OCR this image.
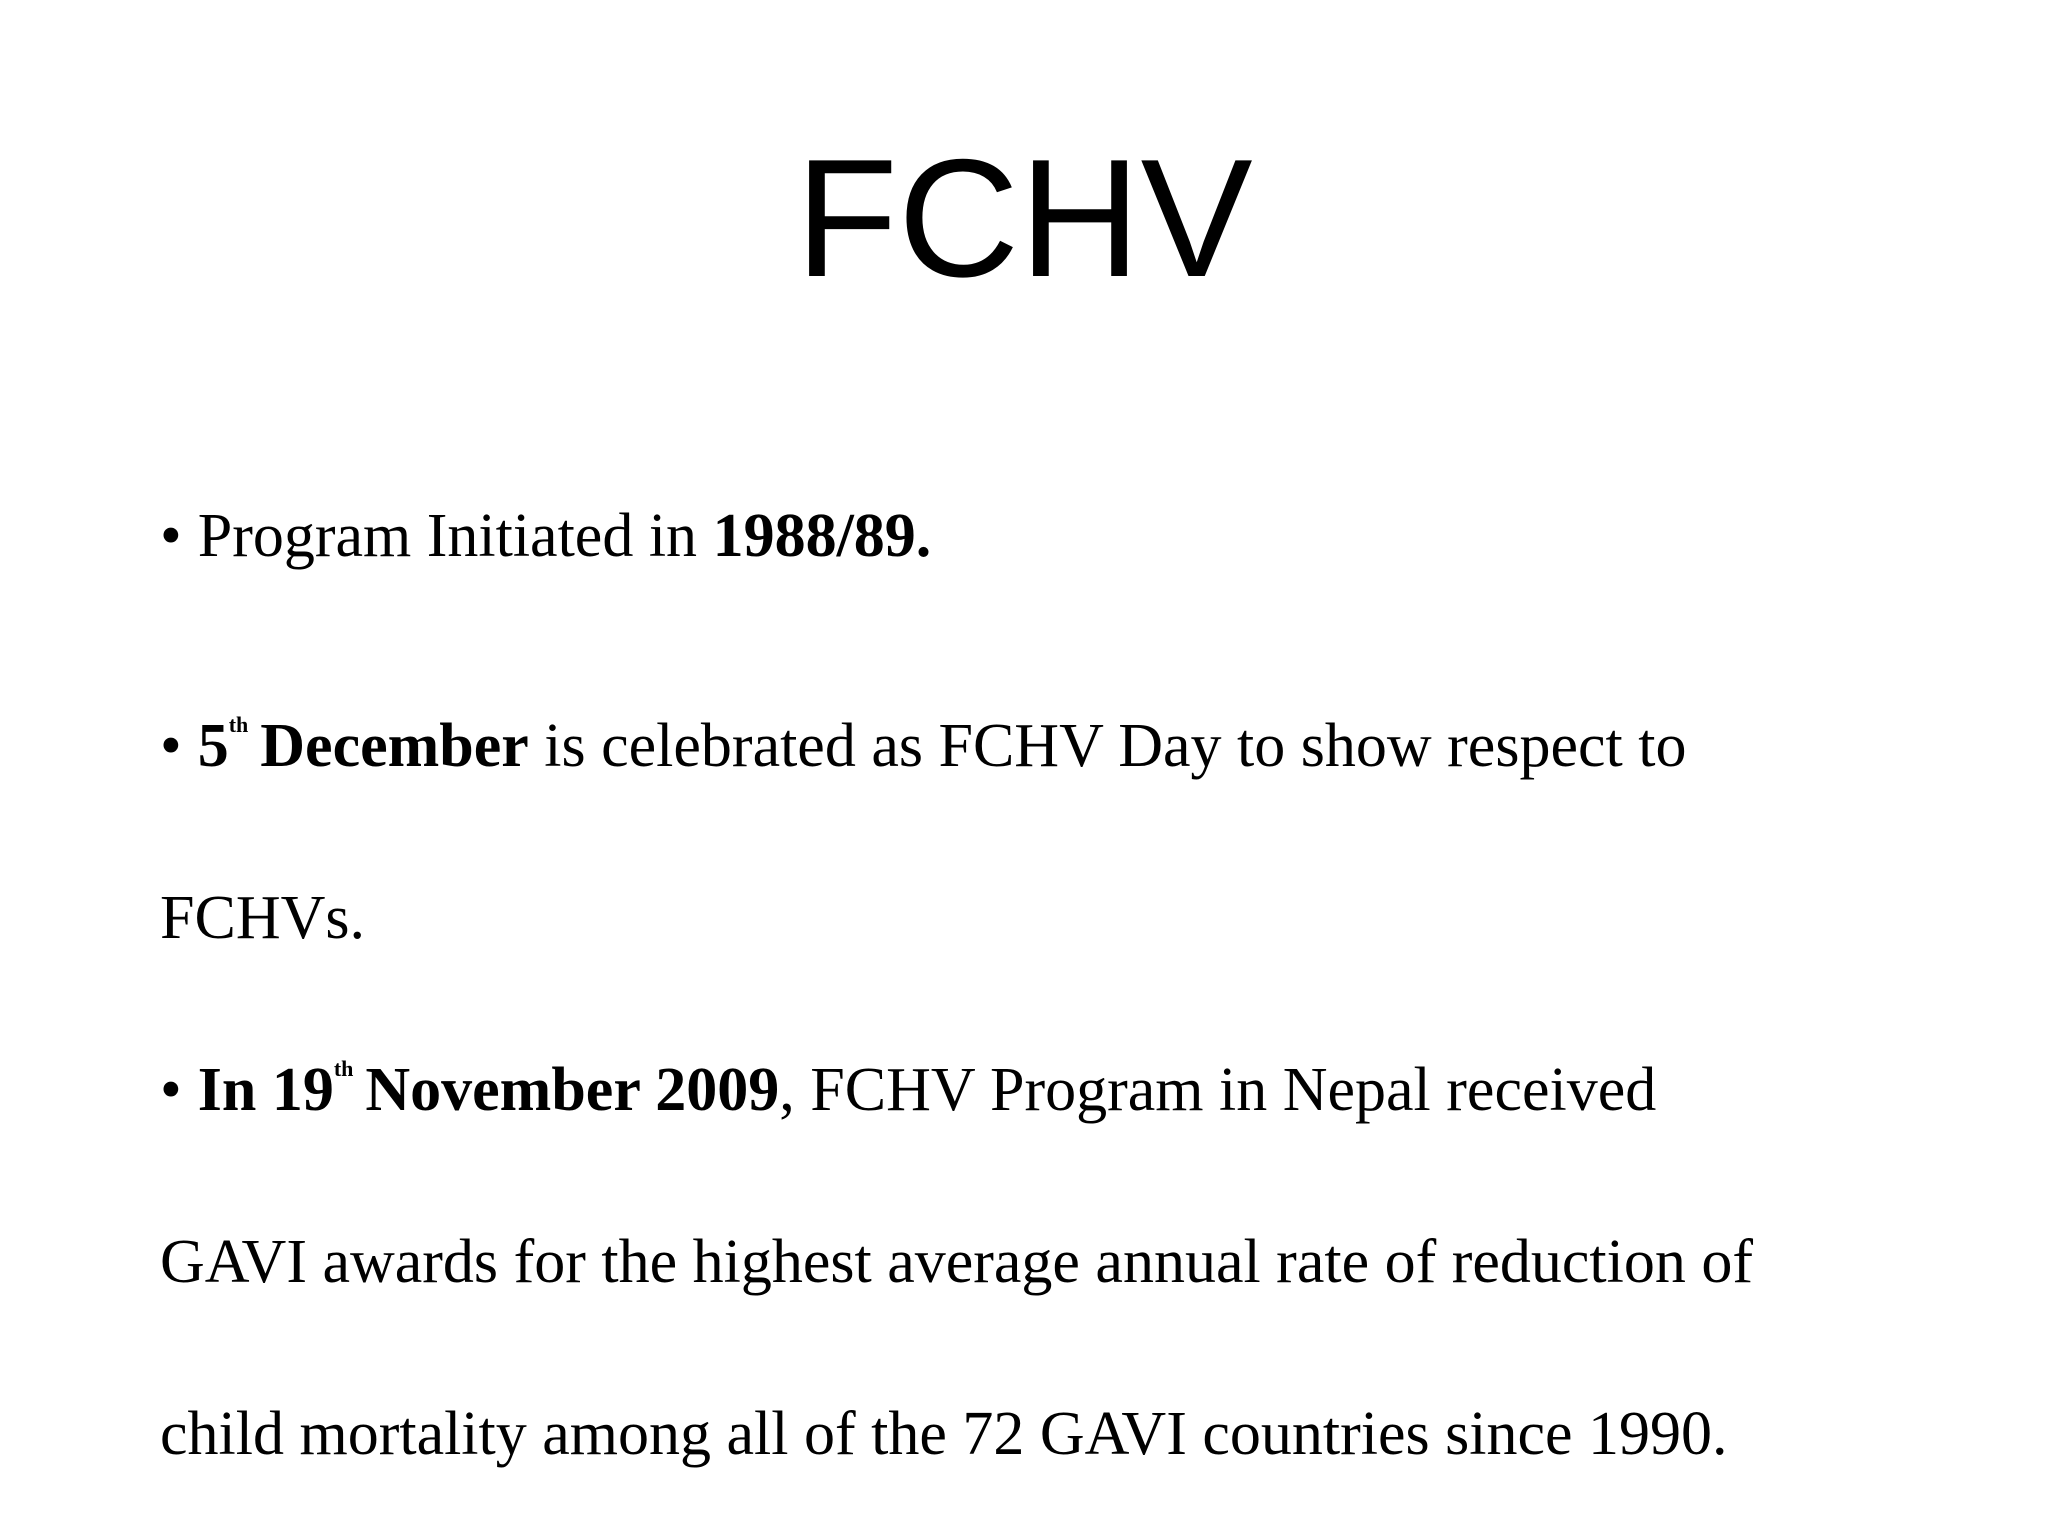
FCHV
• Program Initiated in 1988/89.
• 5th December is celebrated as FCHV Day to show respect to
FCHVs.
• In 19th November 2009, FCHV Program in Nepal received
GAVI awards for the highest average annual rate of reduction of
child mortality among all of the 72 GAVI countries since 1990.
